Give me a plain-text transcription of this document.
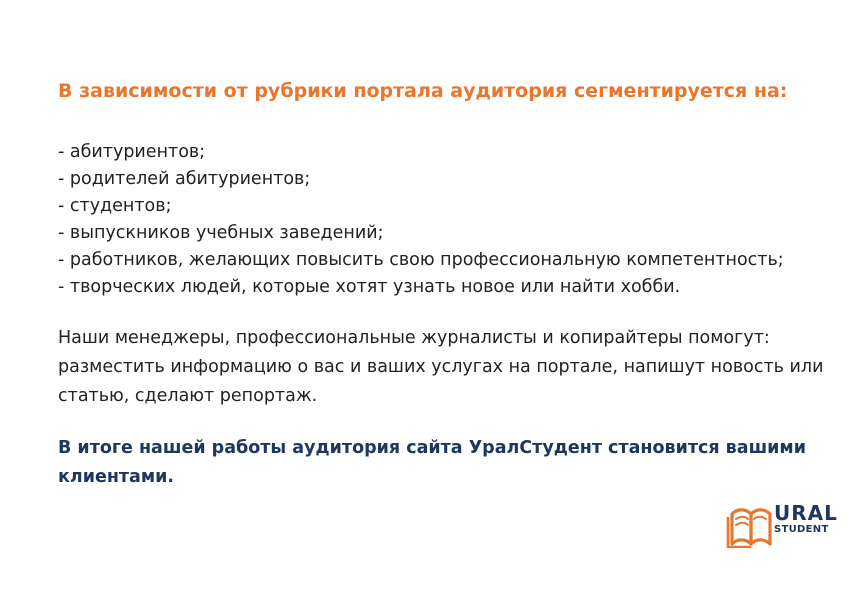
В зависимости от рубрики портала аудитория сегментируется на:

- абитуриентов;
- родителей абитуриентов;
- студентов;
- выпускников учебных заведений;
- работников, желающих повысить свою профессиональную компетентность;
- творческих людей, которые хотят узнать новое или найти хобби.

Наши менеджеры, профессиональные журналисты и копирайтеры помогут: разместить информацию о вас и ваших услугах на портале, напишут новость или статью, сделают репортаж.

В итоге нашей работы аудитория сайта УралСтудент становится вашими клиентами.

URAL
STUDENT
